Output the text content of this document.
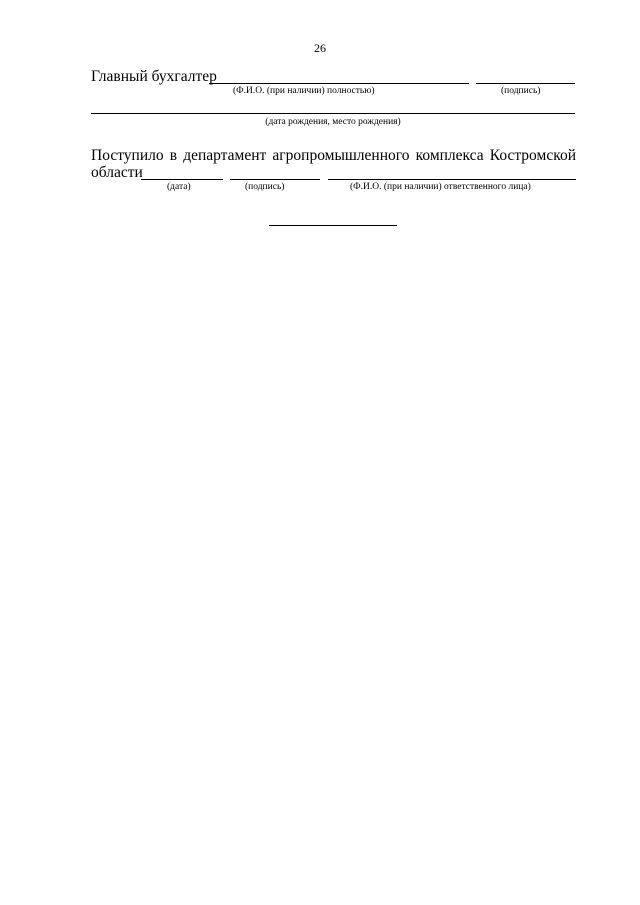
26
Главный бухгалтер
(Ф.И.О. (при наличии) полностью)	(подпись)
(дата рождения, место рождения)
Поступило в департамент агропромышленного комплекса Костромской
области
(дата)	(подпись)	(Ф.И.О. (при наличии) ответственного лица)
